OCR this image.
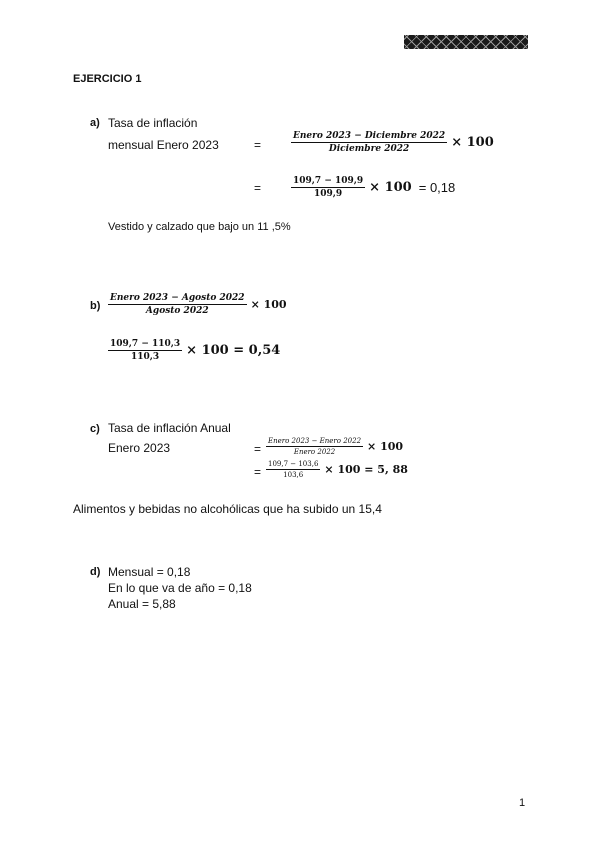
EJERCICIO 1
a) Tasa de inflación
mensual Enero 2023	=	$\frac{\text{Enero 2023 − Diciembre 2022}}{\text{Diciembre 2022}} \times 100$
=	$\frac{109,7 - 109,9}{109,9} \times 100 = 0,18$
Vestido y calzado que bajo un 11 ,5%
$b) \frac{\text{Enero 2023 − Agosto 2022}}{\text{Agosto 2022}} \times 100$
$\frac{109,7 - 110,3}{110,3} \times 100 = 0,54$
c) Tasa de inflación Anual
Enero 2023	= $\frac{\text{Enero 2023 − Enero 2022}}{\text{Enero 2022}} \times 100$
= $\frac{109,7 - 103,6}{103,6} \times 100 = 5$, 88
Alimentos y bebidas no alcohólicas que ha subido un 15,4
d) Mensual = 0,18
En lo que va de año = 0,18
Anual = 5,88
1
